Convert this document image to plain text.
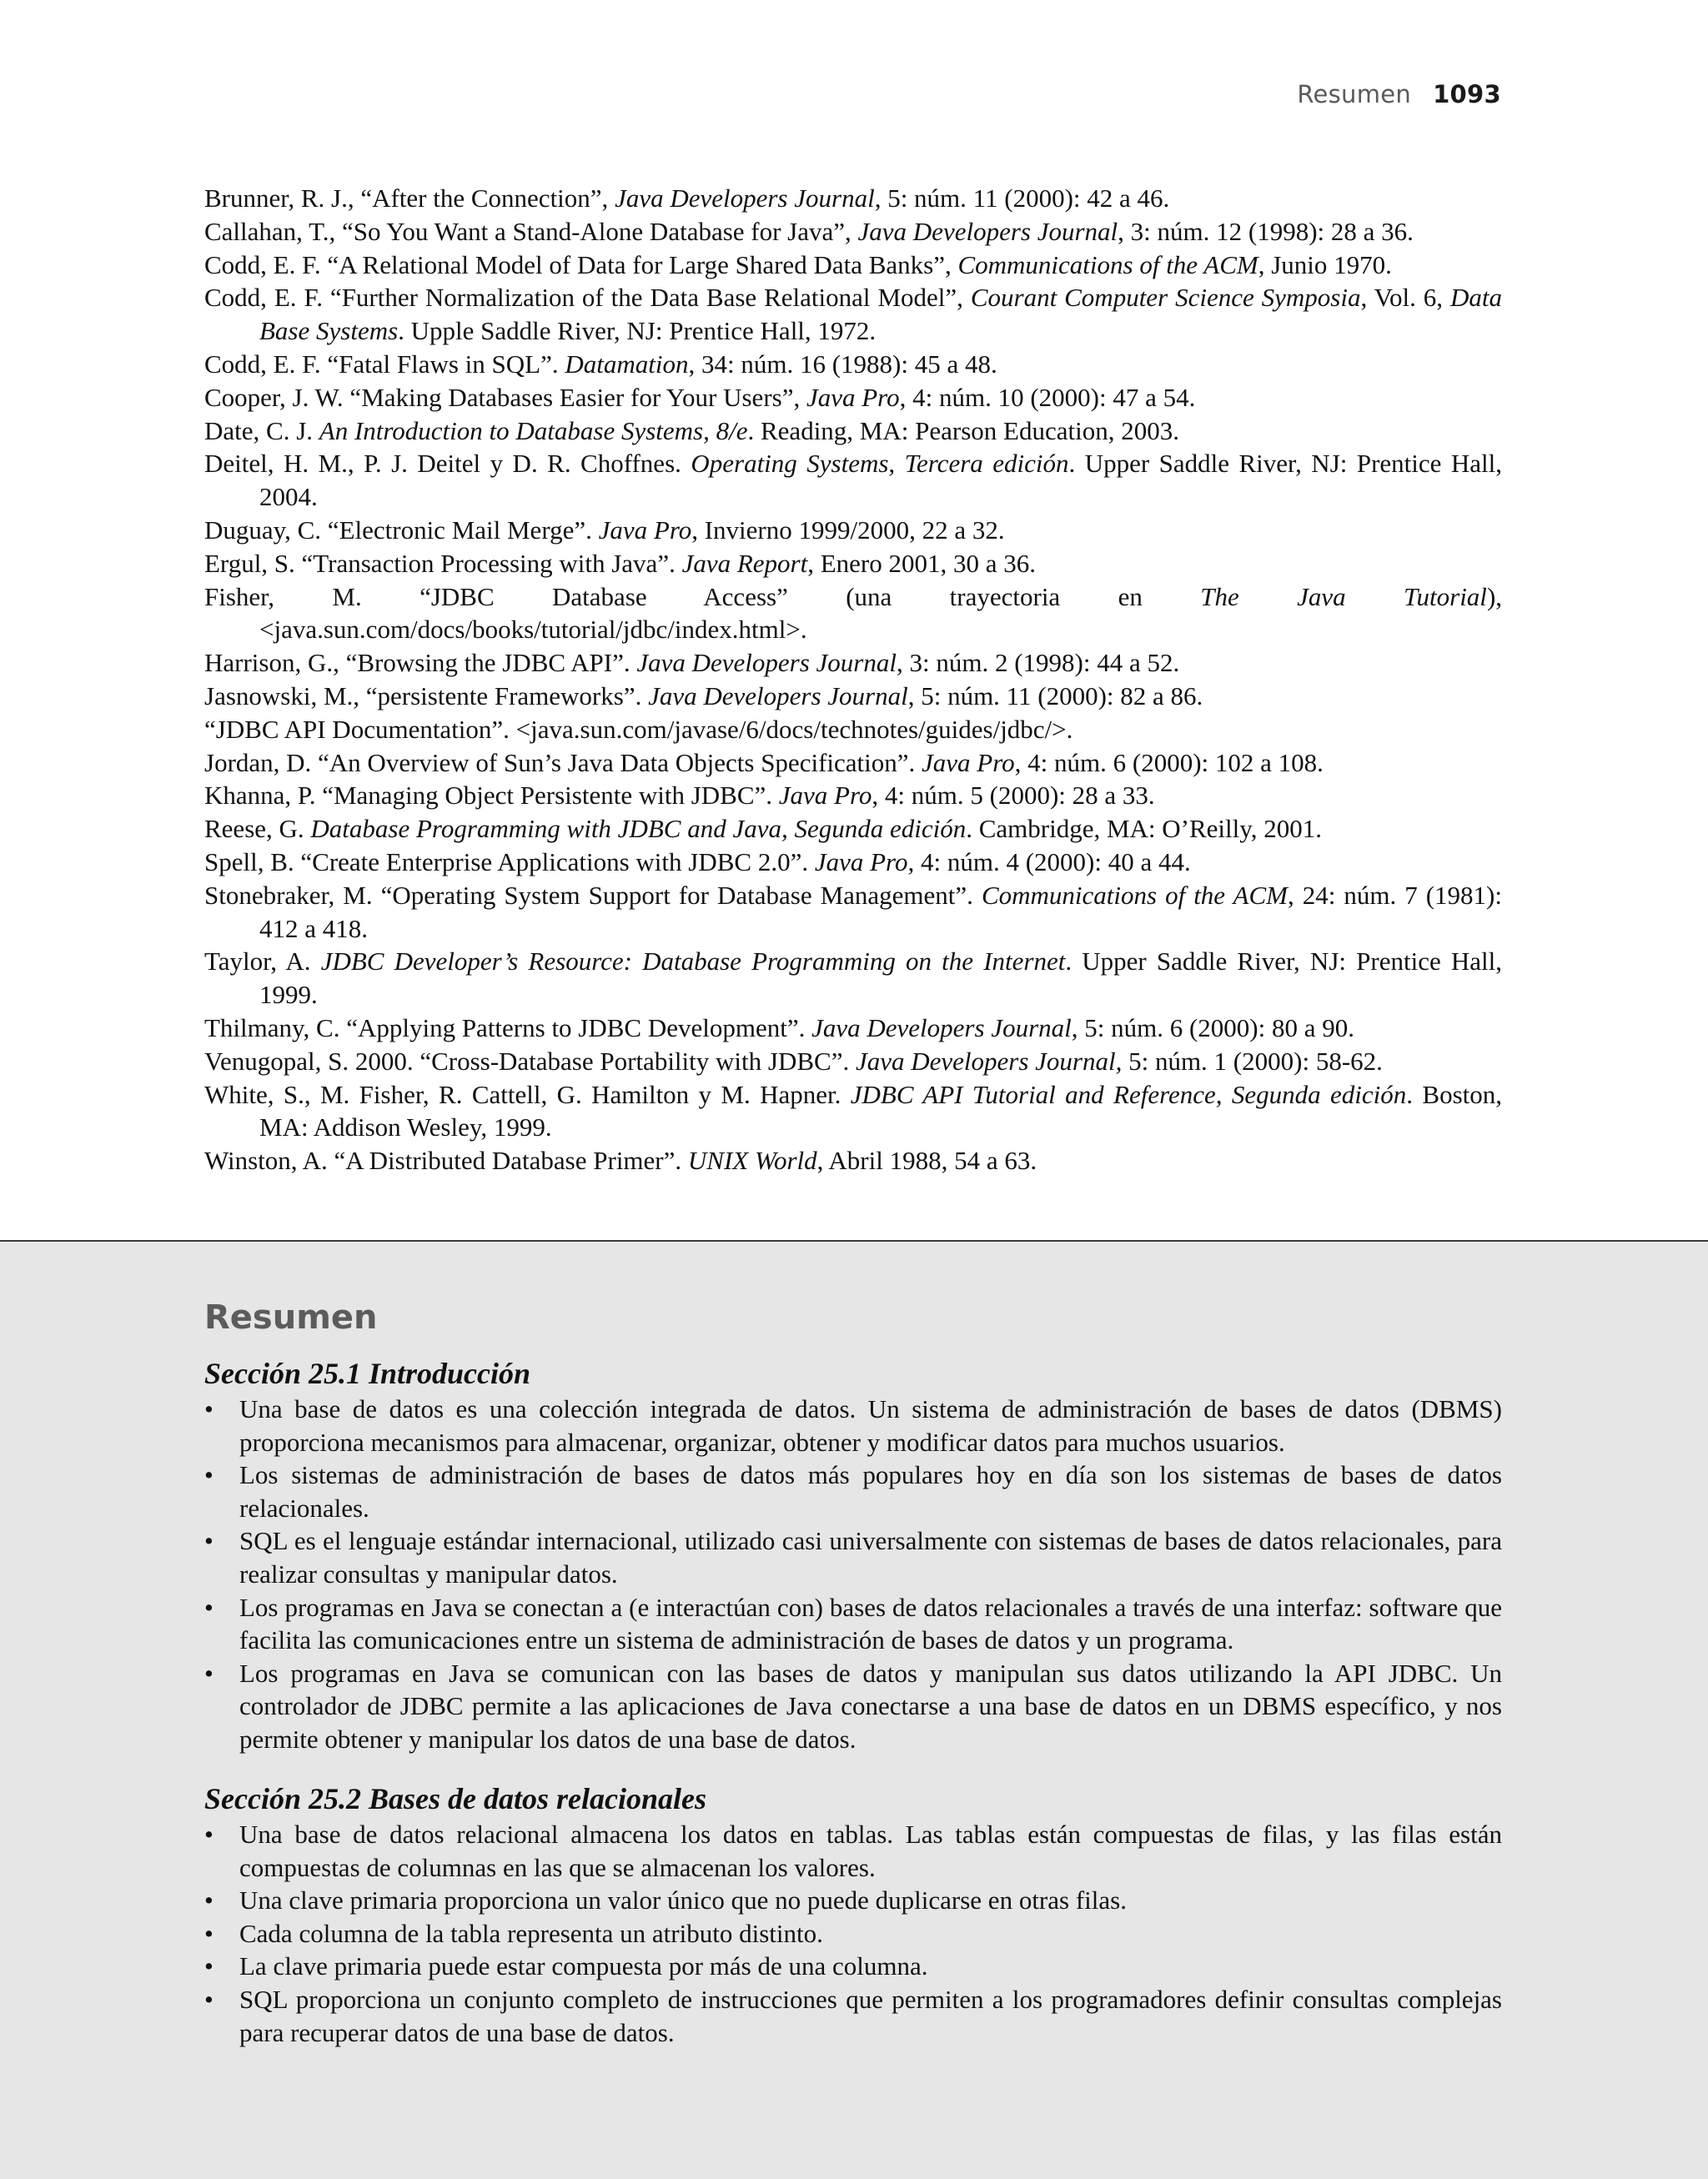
Resumen 1093
Brunner, R. J., “After the Connection”, Java Developers Journal, 5: núm. 11 (2000): 42 a 46.
Callahan, T., “So You Want a Stand-Alone Database for Java”, Java Developers Journal, 3: núm. 12 (1998): 28 a 36.
Codd, E. F. “A Relational Model of Data for Large Shared Data Banks”, Communications of the ACM, Junio 1970.
Codd, E. F. “Further Normalization of the Data Base Relational Model”, Courant Computer Science Symposia, Vol. 6, Data Base Systems. Upple Saddle River, NJ: Prentice Hall, 1972.
Codd, E. F. “Fatal Flaws in SQL”. Datamation, 34: núm. 16 (1988): 45 a 48.
Cooper, J. W. “Making Databases Easier for Your Users”, Java Pro, 4: núm. 10 (2000): 47 a 54.
Date, C. J. An Introduction to Database Systems, 8/e. Reading, MA: Pearson Education, 2003.
Deitel, H. M., P. J. Deitel y D. R. Choffnes. Operating Systems, Tercera edición. Upper Saddle River, NJ: Prentice Hall, 2004.
Duguay, C. “Electronic Mail Merge”. Java Pro, Invierno 1999/2000, 22 a 32.
Ergul, S. “Transaction Processing with Java”. Java Report, Enero 2001, 30 a 36.
Fisher, M. “JDBC Database Access” (una trayectoria en The Java Tutorial), <java.sun.com/docs/books/tutorial/jdbc/index.html>.
Harrison, G., “Browsing the JDBC API”. Java Developers Journal, 3: núm. 2 (1998): 44 a 52.
Jasnowski, M., “persistente Frameworks”. Java Developers Journal, 5: núm. 11 (2000): 82 a 86.
“JDBC API Documentation”. <java.sun.com/javase/6/docs/technotes/guides/jdbc/>.
Jordan, D. “An Overview of Sun’s Java Data Objects Specification”. Java Pro, 4: núm. 6 (2000): 102 a 108.
Khanna, P. “Managing Object Persistente with JDBC”. Java Pro, 4: núm. 5 (2000): 28 a 33.
Reese, G. Database Programming with JDBC and Java, Segunda edición. Cambridge, MA: O’Reilly, 2001.
Spell, B. “Create Enterprise Applications with JDBC 2.0”. Java Pro, 4: núm. 4 (2000): 40 a 44.
Stonebraker, M. “Operating System Support for Database Management”. Communications of the ACM, 24: núm. 7 (1981): 412 a 418.
Taylor, A. JDBC Developer’s Resource: Database Programming on the Internet. Upper Saddle River, NJ: Prentice Hall, 1999.
Thilmany, C. “Applying Patterns to JDBC Development”. Java Developers Journal, 5: núm. 6 (2000): 80 a 90.
Venugopal, S. 2000. “Cross-Database Portability with JDBC”. Java Developers Journal, 5: núm. 1 (2000): 58-62.
White, S., M. Fisher, R. Cattell, G. Hamilton y M. Hapner. JDBC API Tutorial and Reference, Segunda edición. Boston, MA: Addison Wesley, 1999.
Winston, A. “A Distributed Database Primer”. UNIX World, Abril 1988, 54 a 63.
Resumen
Sección 25.1 Introducción
• Una base de datos es una colección integrada de datos. Un sistema de administración de bases de datos (DBMS) proporciona mecanismos para almacenar, organizar, obtener y modificar datos para muchos usuarios.
• Los sistemas de administración de bases de datos más populares hoy en día son los sistemas de bases de datos relacionales.
• SQL es el lenguaje estándar internacional, utilizado casi universalmente con sistemas de bases de datos relacionales, para realizar consultas y manipular datos.
• Los programas en Java se conectan a (e interactúan con) bases de datos relacionales a través de una interfaz: software que facilita las comunicaciones entre un sistema de administración de bases de datos y un programa.
• Los programas en Java se comunican con las bases de datos y manipulan sus datos utilizando la API JDBC. Un controlador de JDBC permite a las aplicaciones de Java conectarse a una base de datos en un DBMS específico, y nos permite obtener y manipular los datos de una base de datos.
Sección 25.2 Bases de datos relacionales
• Una base de datos relacional almacena los datos en tablas. Las tablas están compuestas de filas, y las filas están compuestas de columnas en las que se almacenan los valores.
• Una clave primaria proporciona un valor único que no puede duplicarse en otras filas.
• Cada columna de la tabla representa un atributo distinto.
• La clave primaria puede estar compuesta por más de una columna.
• SQL proporciona un conjunto completo de instrucciones que permiten a los programadores definir consultas complejas para recuperar datos de una base de datos.
